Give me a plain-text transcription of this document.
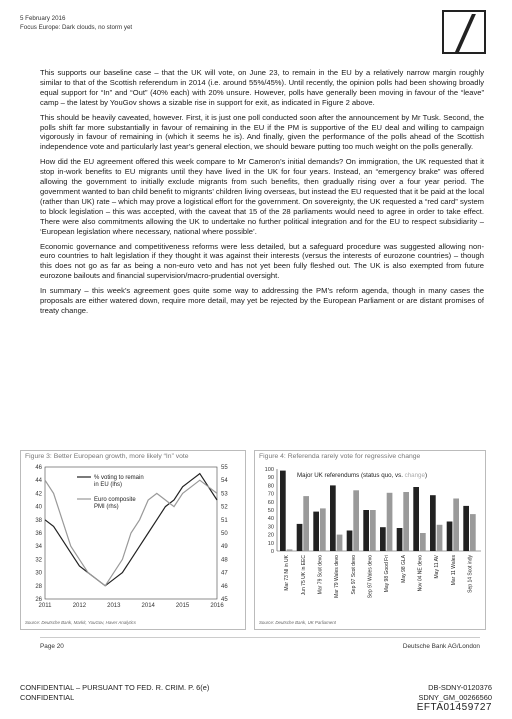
5 February 2016
Focus Europe: Dark clouds, no storm yet

This supports our baseline case – that the UK will vote, on June 23, to remain in the EU by a relatively narrow margin roughly similar to that of the Scottish referendum in 2014 (i.e. around 55%/45%). Until recently, the opinion polls had been showing broadly equal support for “In” and “Out” (40% each) with 20% unsure. However, polls have generally been moving in favour of the “leave” camp – the latest by YouGov shows a sizable rise in support for exit, as indicated in Figure 2 above.

This should be heavily caveated, however. First, it is just one poll conducted soon after the announcement by Mr Tusk. Second, the polls shift far more substantially in favour of remaining in the EU if the PM is supportive of the EU deal and willing to campaign vigorously in favour of remaining in (which it seems he is). And finally, given the performance of the polls ahead of the Scottish independence vote and particularly last year’s general election, we should beware putting too much weight on the polls generally.

How did the EU agreement offered this week compare to Mr Cameron’s initial demands? On immigration, the UK requested that it stop in-work benefits to EU migrants until they have lived in the UK for four years. Instead, an “emergency brake” was offered allowing the government to initially exclude migrants from such benefits, then gradually rising over a four year period. The government wanted to ban child benefit to migrants’ children living overseas, but instead the EU requested that it be paid at the local (rather than UK) rate – which may prove a logistical effort for the government. On sovereignty, the UK requested a “red card” system to block legislation – this was accepted, with the caveat that 15 of the 28 parliaments would need to agree in order to take effect. There were also commitments allowing the UK to undertake no further political integration and for the EU to respect subsidiarity – ‘European legislation where necessary, national where possible’.

Economic governance and competitiveness reforms were less detailed, but a safeguard procedure was suggested allowing non-euro countries to halt legislation if they thought it was against their interests (versus the interests of eurozone countries) – though this does not go as far as being a non-euro veto and has not yet been fully fleshed out. The UK is also exempted from future eurozone bailouts and financial supervision/macro-prudential oversight.

In summary – this week’s agreement goes quite some way to addressing the PM’s reform agenda, though in many cases the proposals are either watered down, require more detail, may yet be rejected by the European Parliament or are distant promises of treaty change.

Figure 3: Better European growth, more likely “In” vote
46
44
42
40
38
36
34
32
30
28
26
55
54
53
52
51
50
49
48
47
46
45
2011	2012	2013	2014	2015	2016
% voting to remain
in EU (lhs)
Euro composite
PMI (rhs)
Source: Deutsche Bank, Markit, YouGov, Haver Analytics
Figure 4: Referenda rarely vote for regressive change
100
90
80
70
60
50
40
30
20
10
0
Major UK referendums (status quo, vs. change)
Mar 73 NI in UK Jun 75 UK in EEC Mar 79 Scot devo Mar 79 Wales devo Sep 97 Scot devo Sep 97 Wales devo May 98 Good Fri May 98 GLA Nov 04 NE devo May 11 AV Mar 11 Wales Sep 14 Scot indy
Source: Deutsche Bank, UK Parliament
Page 20	Deutsche Bank AG/London
CONFIDENTIAL – PURSUANT TO FED. R. CRIM. P. 6(e)
CONFIDENTIAL
DB-SDNY-0120376
SDNY_GM_00266560
EFTA01459727
